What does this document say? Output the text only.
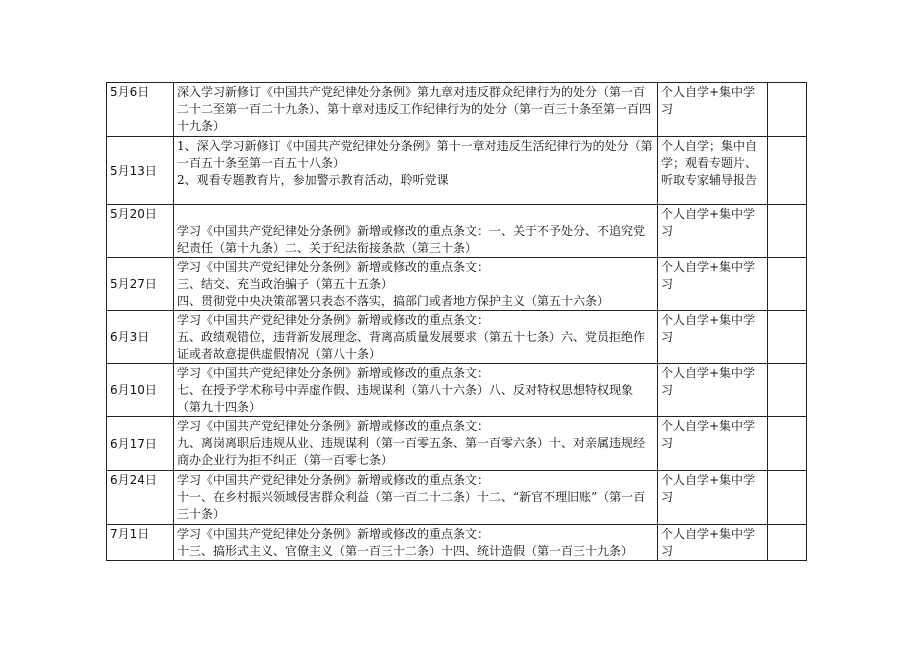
5月6日	深入学习新修订《中国共产党纪律处分条例》第九章对违反群众纪律行为的处分（第一百二十二至第一百二十九条）、第十章对违反工作纪律行为的处分（第一百三十条至第一百四十九条）	个人自学+集中学习	
5月13日	1、深入学习新修订《中国共产党纪律处分条例》第十一章对违反生活纪律行为的处分（第一百五十条至第一百五十八条）
2、观看专题教育片，参加警示教育活动，聆听党课	个人自学；集中自学；观看专题片、听取专家辅导报告	
5月20日	学习《中国共产党纪律处分条例》新增或修改的重点条文：一、关于不予处分、不追究党纪责任（第十九条）二、关于纪法衔接条款（第三十条）	个人自学+集中学习	
5月27日	学习《中国共产党纪律处分条例》新增或修改的重点条文：
三、结交、充当政治骗子（第五十五条）
四、贯彻党中央决策部署只表态不落实，搞部门或者地方保护主义（第五十六条）	个人自学+集中学习	
6月3日	学习《中国共产党纪律处分条例》新增或修改的重点条文：
五、政绩观错位，违背新发展理念、背离高质量发展要求（第五十七条）六、党员拒绝作证或者故意提供虚假情况（第八十条）	个人自学+集中学习	
6月10日	学习《中国共产党纪律处分条例》新增或修改的重点条文：
七、在授予学术称号中弄虚作假、违规谋利（第八十六条）八、反对特权思想特权现象（第九十四条）	个人自学+集中学习	
6月17日	学习《中国共产党纪律处分条例》新增或修改的重点条文：
九、离岗离职后违规从业、违规谋利（第一百零五条、第一百零六条）十、对亲属违规经商办企业行为拒不纠正（第一百零七条）	个人自学+集中学习	
6月24日	学习《中国共产党纪律处分条例》新增或修改的重点条文：
十一、在乡村振兴领域侵害群众利益（第一百二十二条）十二、“新官不理旧账”（第一百三十条）	个人自学+集中学习	
7月1日	学习《中国共产党纪律处分条例》新增或修改的重点条文：
十三、搞形式主义、官僚主义（第一百三十二条）十四、统计造假（第一百三十九条）	个人自学+集中学习	
